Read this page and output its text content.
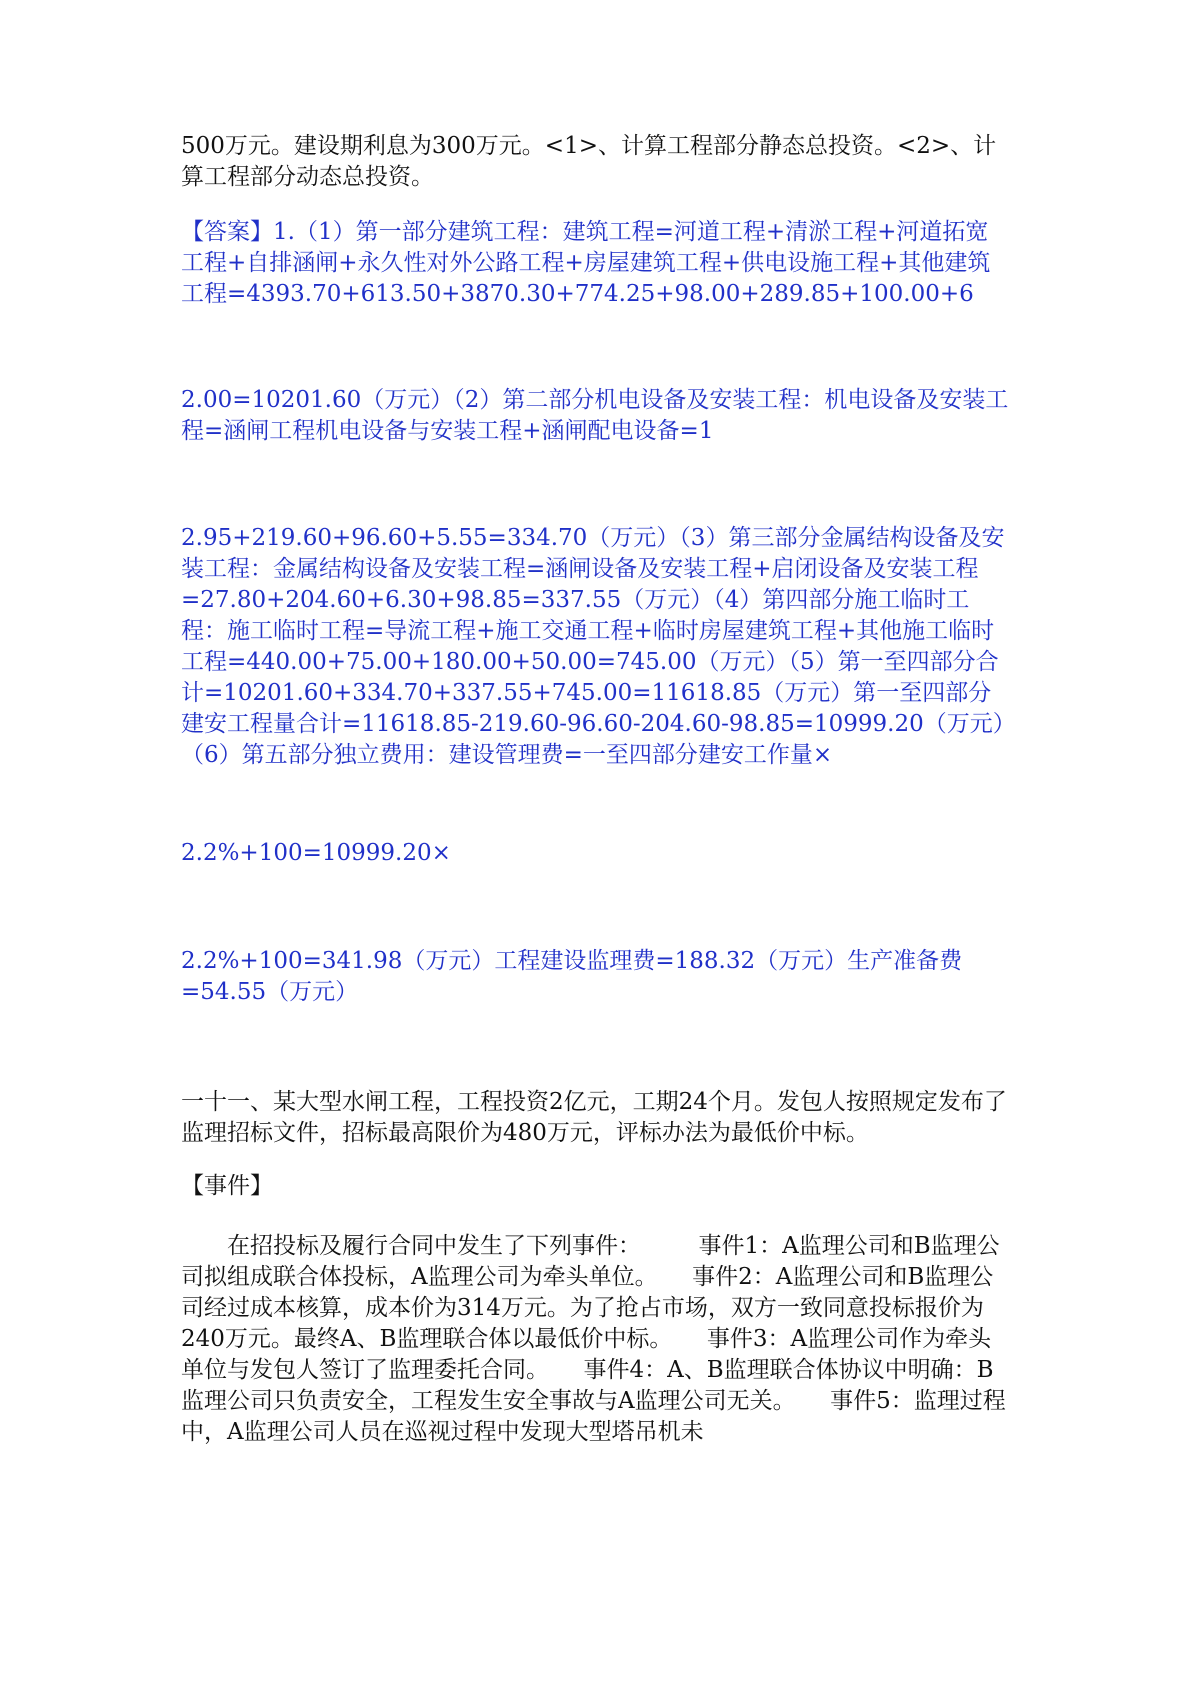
500万元。建设期利息为300万元。<1>、计算工程部分静态总投资。<2>、计算工程部分动态总投资。

【答案】1.（1）第一部分建筑工程：建筑工程=河道工程+清淤工程+河道拓宽工程+自排涵闸+永久性对外公路工程+房屋建筑工程+供电设施工程+其他建筑工程=4393.70+613.50+3870.30+774.25+98.00+289.85+100.00+6

2.00=10201.60（万元）（2）第二部分机电设备及安装工程：机电设备及安装工程=涵闸工程机电设备与安装工程+涵闸配电设备=1

2.95+219.60+96.60+5.55=334.70（万元）（3）第三部分金属结构设备及安装工程：金属结构设备及安装工程=涵闸设备及安装工程+启闭设备及安装工程=27.80+204.60+6.30+98.85=337.55（万元）（4）第四部分施工临时工程：施工临时工程=导流工程+施工交通工程+临时房屋建筑工程+其他施工临时工程=440.00+75.00+180.00+50.00=745.00（万元）（5）第一至四部分合计=10201.60+334.70+337.55+745.00=11618.85（万元）第一至四部分建安工程量合计=11618.85-219.60-96.60-204.60-98.85=10999.20（万元）（6）第五部分独立费用：建设管理费=一至四部分建安工作量×

2.2%+100=10999.20×

2.2%+100=341.98（万元）工程建设监理费=188.32（万元）生产准备费=54.55（万元）

一十一、某大型水闸工程，工程投资2亿元，工期24个月。发包人按照规定发布了监理招标文件，招标最高限价为480万元，评标办法为最低价中标。

【事件】

在招投标及履行合同中发生了下列事件：　　　事件1：A监理公司和B监理公司拟组成联合体投标，A监理公司为牵头单位。　　事件2：A监理公司和B监理公司经过成本核算，成本价为314万元。为了抢占市场，双方一致同意投标报价为240万元。最终A、B监理联合体以最低价中标。　　事件3：A监理公司作为牵头单位与发包人签订了监理委托合同。　　事件4：A、B监理联合体协议中明确：B监理公司只负责安全，工程发生安全事故与A监理公司无关。　　事件5：监理过程中，A监理公司人员在巡视过程中发现大型塔吊机未
